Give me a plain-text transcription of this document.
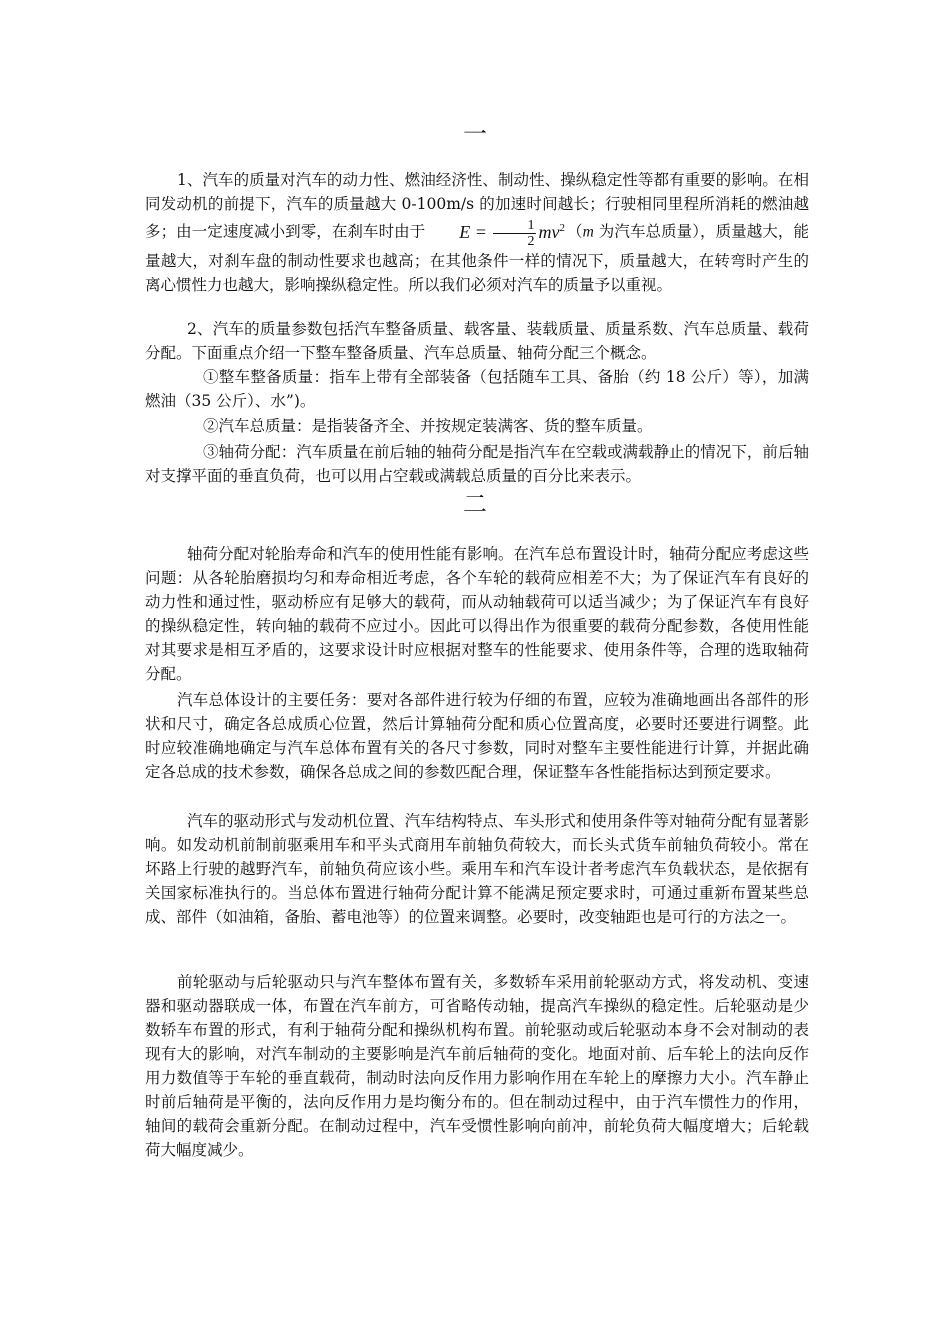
一

1、汽车的质量对汽车的动力性、燃油经济性、制动性、操纵稳定性等都有重要的影响。在相同发动机的前提下，汽车的质量越大 0-100m/s 的加速时间越长；行驶相同里程所消耗的燃油越多；由一定速度减小到零，在刹车时由于 $E = \frac{1}{2} mv^2$ （m 为汽车总质量），质量越大，能量越大，对刹车盘的制动性要求也越高；在其他条件一样的情况下，质量越大，在转弯时产生的离心惯性力也越大，影响操纵稳定性。所以我们必须对汽车的质量予以重视。

2、汽车的质量参数包括汽车整备质量、载客量、装载质量、质量系数、汽车总质量、载荷分配。下面重点介绍一下整车整备质量、汽车总质量、轴荷分配三个概念。

①整车整备质量：指车上带有全部装备（包括随车工具、备胎（约 18 公斤）等），加满燃油（35 公斤）、水”)。

②汽车总质量：是指装备齐全、并按规定装满客、货的整车质量。

③轴荷分配：汽车质量在前后轴的轴荷分配是指汽车在空载或满载静止的情况下，前后轴对支撑平面的垂直负荷，也可以用占空载或满载总质量的百分比来表示。

二

轴荷分配对轮胎寿命和汽车的使用性能有影响。在汽车总布置设计时，轴荷分配应考虑这些问题：从各轮胎磨损均匀和寿命相近考虑，各个车轮的载荷应相差不大；为了保证汽车有良好的动力性和通过性，驱动桥应有足够大的载荷，而从动轴载荷可以适当减少；为了保证汽车有良好的操纵稳定性，转向轴的载荷不应过小。因此可以得出作为很重要的载荷分配参数，各使用性能对其要求是相互矛盾的，这要求设计时应根据对整车的性能要求、使用条件等，合理的选取轴荷分配。

汽车总体设计的主要任务：要对各部件进行较为仔细的布置，应较为准确地画出各部件的形状和尺寸，确定各总成质心位置，然后计算轴荷分配和质心位置高度，必要时还要进行调整。此时应较准确地确定与汽车总体布置有关的各尺寸参数，同时对整车主要性能进行计算，并据此确定各总成的技术参数，确保各总成之间的参数匹配合理，保证整车各性能指标达到预定要求。

汽车的驱动形式与发动机位置、汽车结构特点、车头形式和使用条件等对轴荷分配有显著影响。如发动机前制前驱乘用车和平头式商用车前轴负荷较大，而长头式货车前轴负荷较小。常在坏路上行驶的越野汽车，前轴负荷应该小些。乘用车和汽车设计者考虑汽车负载状态，是依据有关国家标准执行的。当总体布置进行轴荷分配计算不能满足预定要求时，可通过重新布置某些总成、部件（如油箱，备胎、蓄电池等）的位置来调整。必要时，改变轴距也是可行的方法之一。

前轮驱动与后轮驱动只与汽车整体布置有关，多数轿车采用前轮驱动方式，将发动机、变速器和驱动器联成一体，布置在汽车前方，可省略传动轴，提高汽车操纵的稳定性。后轮驱动是少数轿车布置的形式，有利于轴荷分配和操纵机构布置。前轮驱动或后轮驱动本身不会对制动的表现有大的影响，对汽车制动的主要影响是汽车前后轴荷的变化。地面对前、后车轮上的法向反作用力数值等于车轮的垂直载荷，制动时法向反作用力影响作用在车轮上的摩擦力大小。汽车静止时前后轴荷是平衡的，法向反作用力是均衡分布的。但在制动过程中，由于汽车惯性力的作用，轴间的载荷会重新分配。在制动过程中，汽车受惯性影响向前冲，前轮负荷大幅度增大；后轮载荷大幅度减少。
